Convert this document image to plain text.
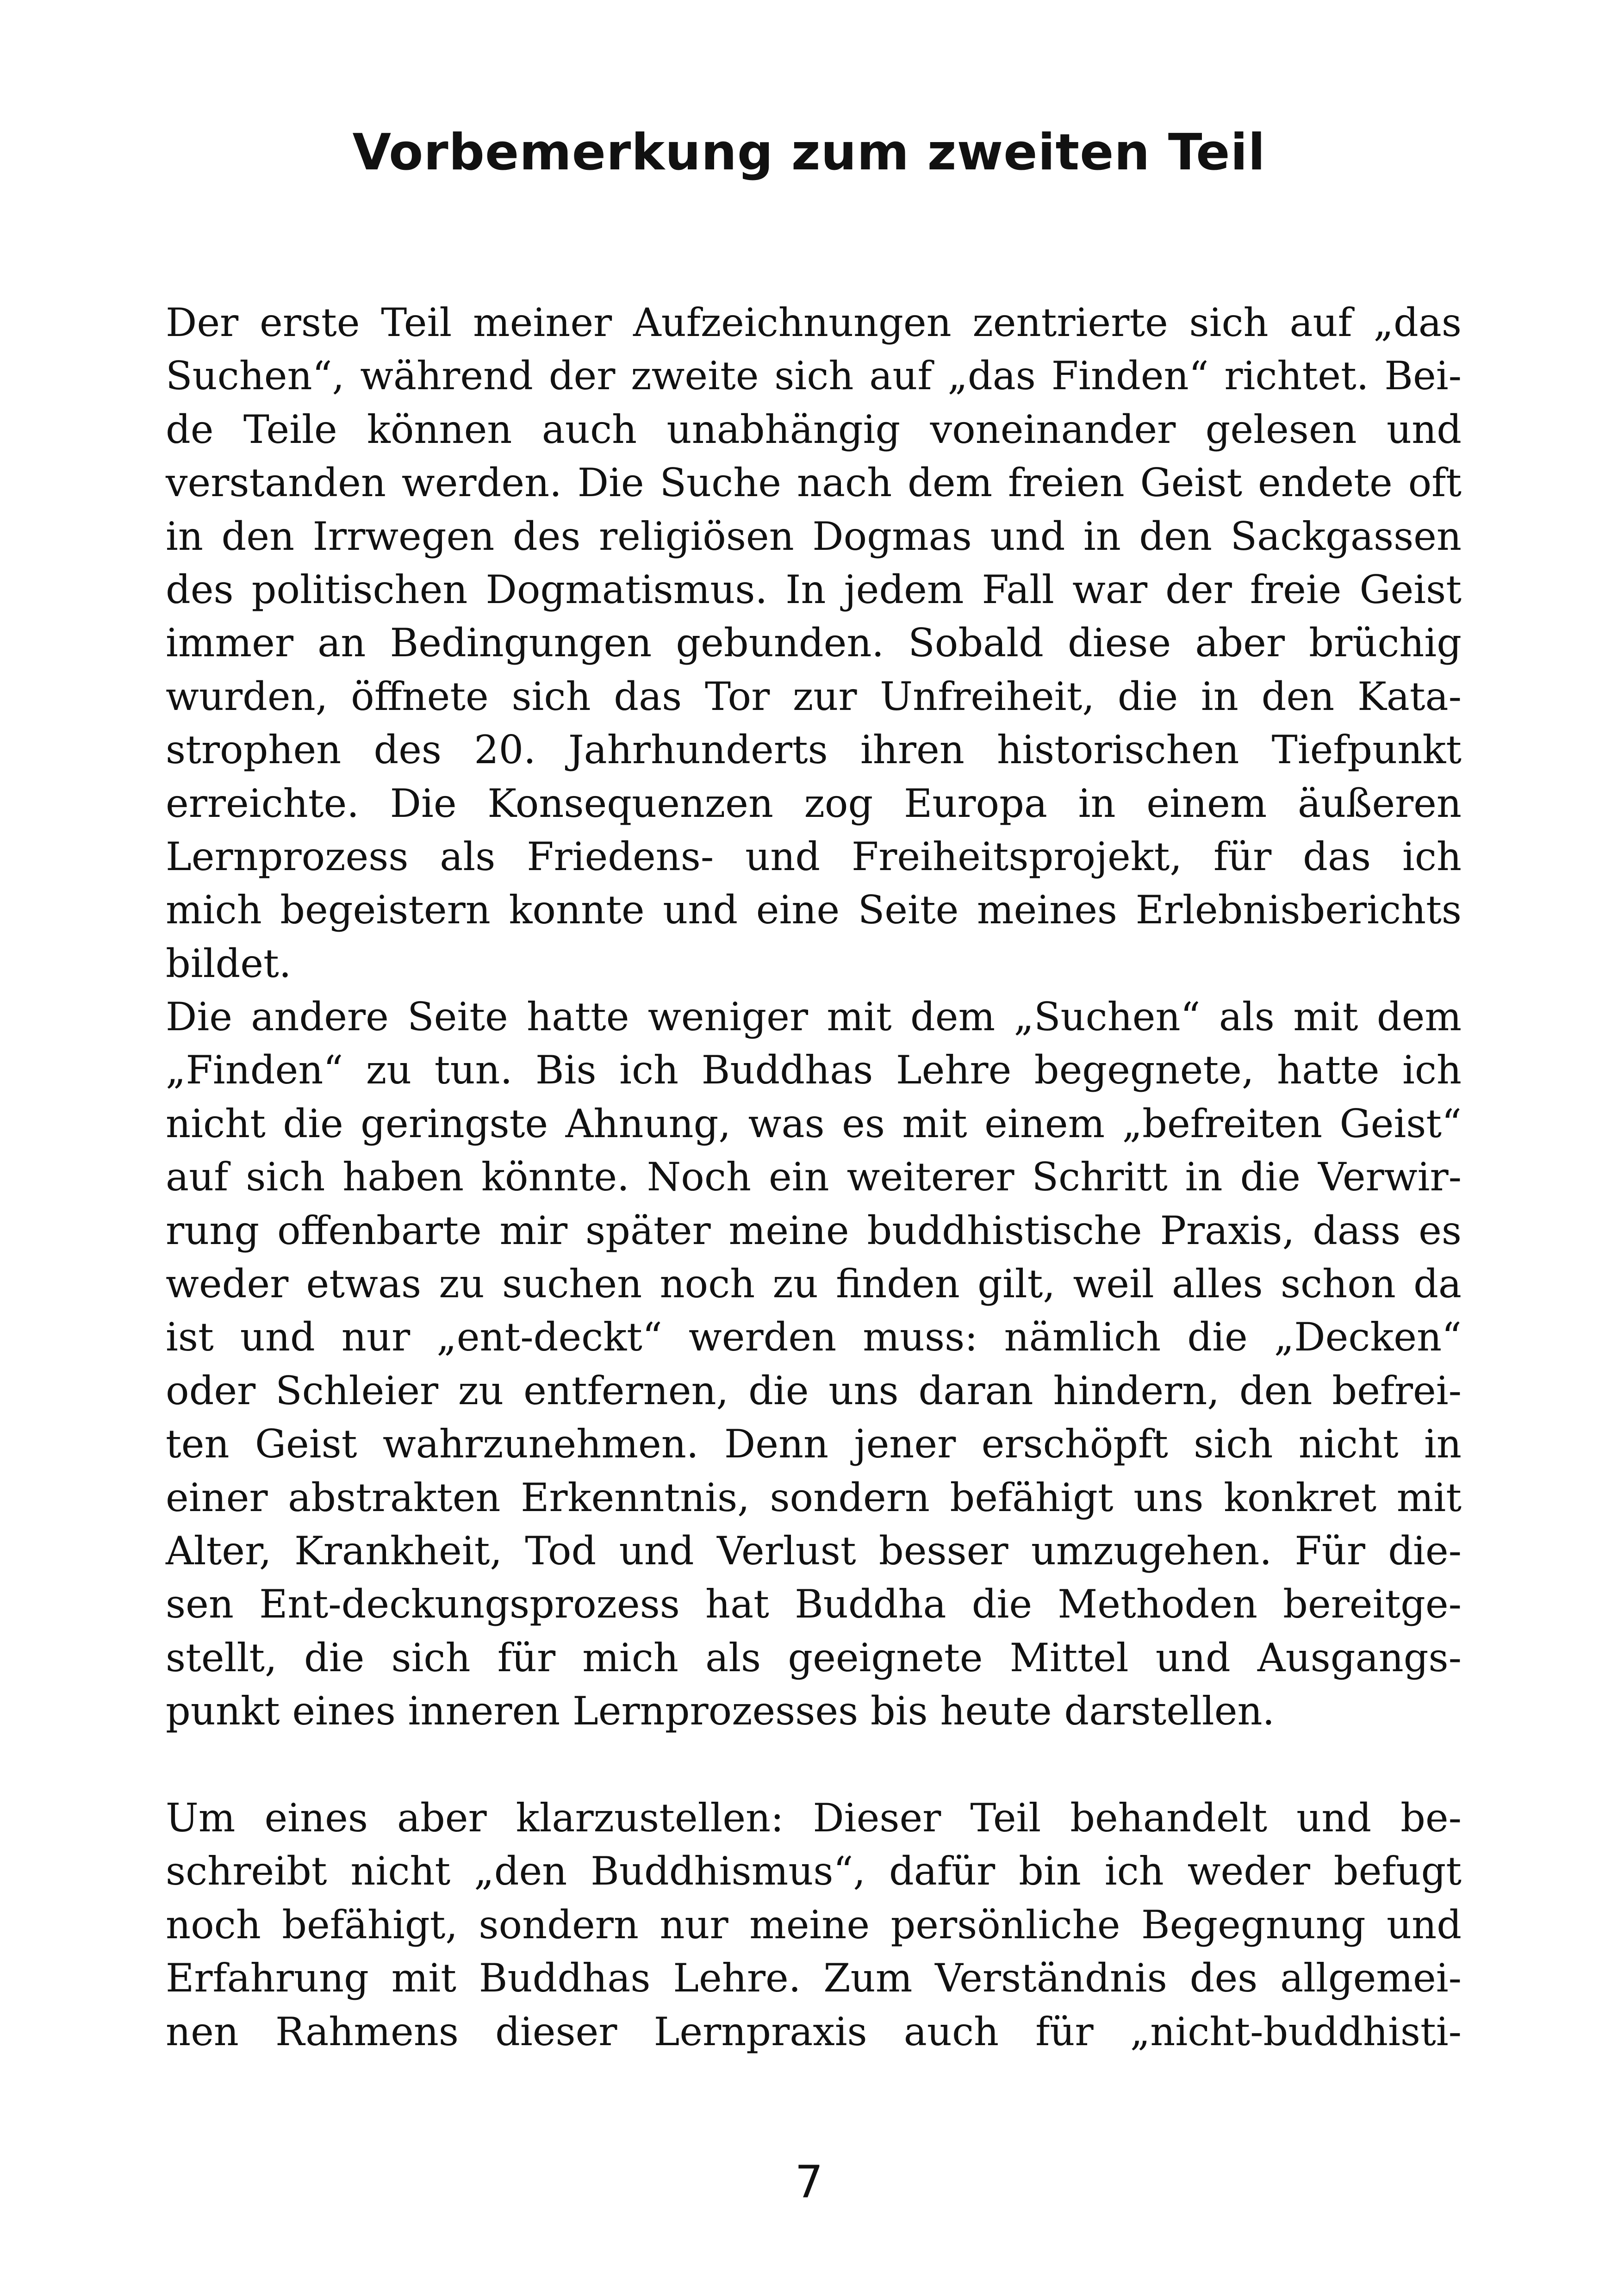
Vorbemerkung zum zweiten Teil
Der erste Teil meiner Aufzeichnungen zentrierte sich auf „das
Suchen“, während der zweite sich auf „das Finden“ richtet. Bei-
de Teile können auch unabhängig voneinander gelesen und
verstanden werden. Die Suche nach dem freien Geist endete oft
in den Irrwegen des religiösen Dogmas und in den Sackgassen
des politischen Dogmatismus. In jedem Fall war der freie Geist
immer an Bedingungen gebunden. Sobald diese aber brüchig
wurden, öffnete sich das Tor zur Unfreiheit, die in den Kata-
strophen des 20. Jahrhunderts ihren historischen Tiefpunkt
erreichte. Die Konsequenzen zog Europa in einem äußeren
Lernprozess als Friedens- und Freiheitsprojekt, für das ich
mich begeistern konnte und eine Seite meines Erlebnisberichts
bildet.
Die andere Seite hatte weniger mit dem „Suchen“ als mit dem
„Finden“ zu tun. Bis ich Buddhas Lehre begegnete, hatte ich
nicht die geringste Ahnung, was es mit einem „befreiten Geist“
auf sich haben könnte. Noch ein weiterer Schritt in die Verwir-
rung offenbarte mir später meine buddhistische Praxis, dass es
weder etwas zu suchen noch zu finden gilt, weil alles schon da
ist und nur „ent-deckt“ werden muss: nämlich die „Decken“
oder Schleier zu entfernen, die uns daran hindern, den befrei-
ten Geist wahrzunehmen. Denn jener erschöpft sich nicht in
einer abstrakten Erkenntnis, sondern befähigt uns konkret mit
Alter, Krankheit, Tod und Verlust besser umzugehen. Für die-
sen Ent-deckungsprozess hat Buddha die Methoden bereitge-
stellt, die sich für mich als geeignete Mittel und Ausgangs-
punkt eines inneren Lernprozesses bis heute darstellen.
Um eines aber klarzustellen: Dieser Teil behandelt und be-
schreibt nicht „den Buddhismus“, dafür bin ich weder befugt
noch befähigt, sondern nur meine persönliche Begegnung und
Erfahrung mit Buddhas Lehre. Zum Verständnis des allgemei-
nen Rahmens dieser Lernpraxis auch für „nicht-buddhisti-
7
